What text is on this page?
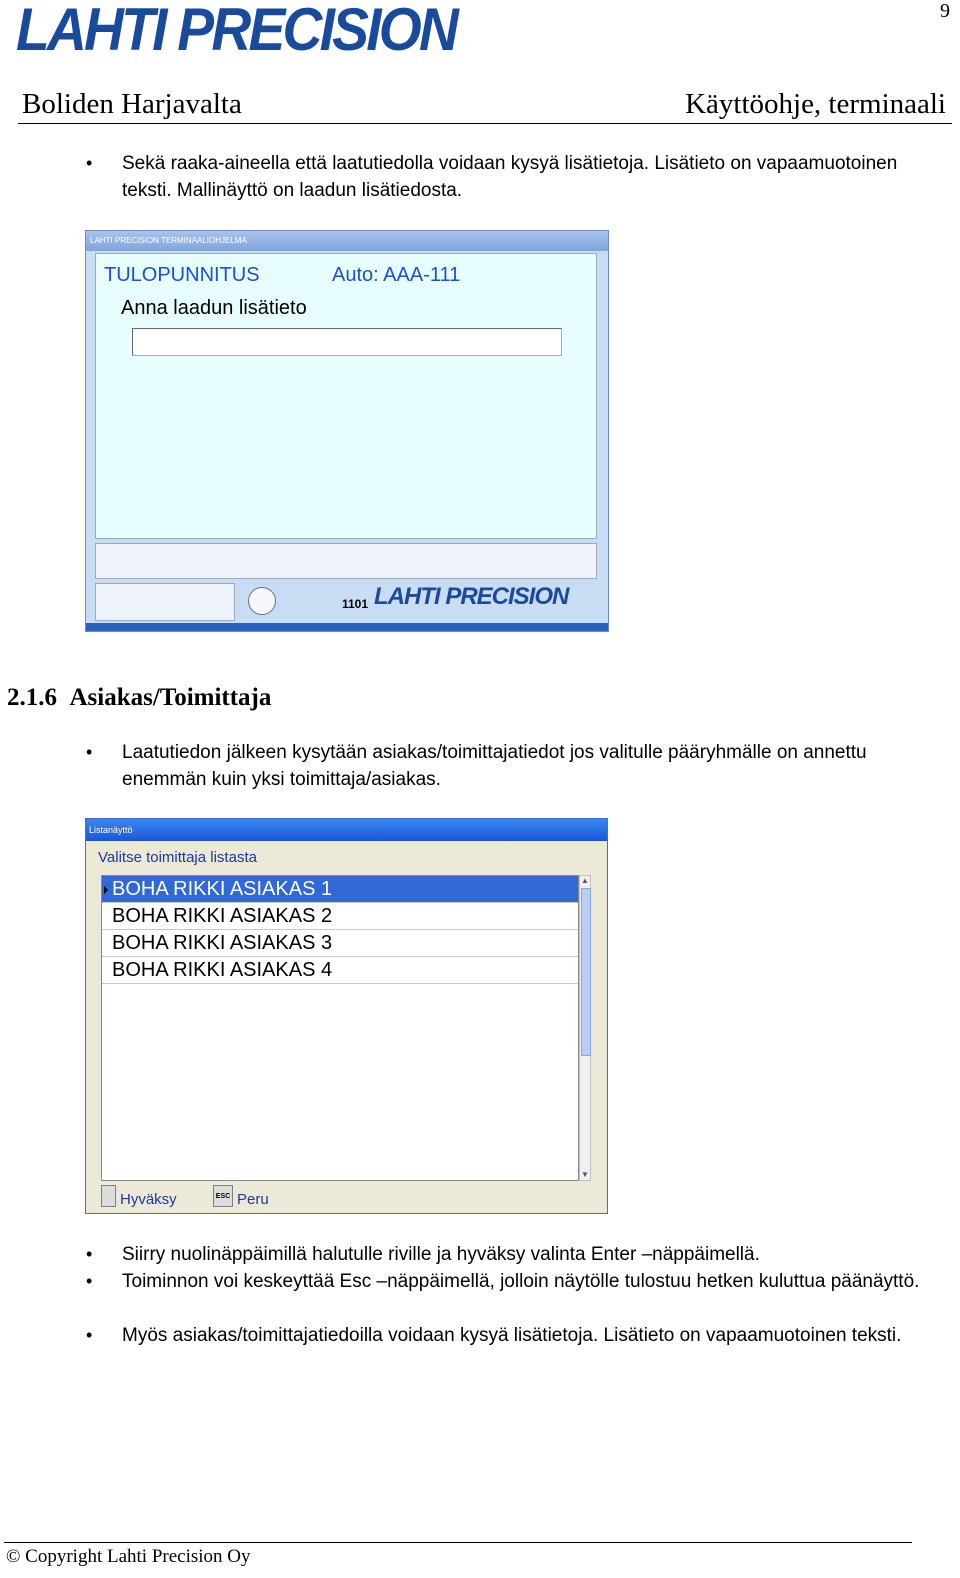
LAHTI PRECISION	9
Boliden Harjavalta	Käyttöohje, terminaali
• Sekä raaka-aineella että laatutiedolla voidaan kysyä lisätietoja. Lisätieto on vapaamuotoinen teksti. Mallinäyttö on laadun lisätiedosta.
LAHTI PRECISION TERMINAALIOHJELMA
TULOPUNNITUS	Auto: AAA-111
Anna laadun lisätieto
1101 LAHTI PRECISION
2.1.6 Asiakas/Toimittaja
• Laatutiedon jälkeen kysytään asiakas/toimittajatiedot jos valitulle pääryhmälle on annettu enemmän kuin yksi toimittaja/asiakas.
Listanäyttö
Valitse toimittaja listasta
BOHA RIKKI ASIAKAS 1
BOHA RIKKI ASIAKAS 2
BOHA RIKKI ASIAKAS 3
BOHA RIKKI ASIAKAS 4
▲
▼
Hyväksy	ESC Peru
• Siirry nuolinäppäimillä halutulle riville ja hyväksy valinta Enter –näppäimellä.
• Toiminnon voi keskeyttää Esc –näppäimellä, jolloin näytölle tulostuu hetken kuluttua päänäyttö.
• Myös asiakas/toimittajatiedoilla voidaan kysyä lisätietoja. Lisätieto on vapaamuotoinen teksti.
© Copyright Lahti Precision Oy
